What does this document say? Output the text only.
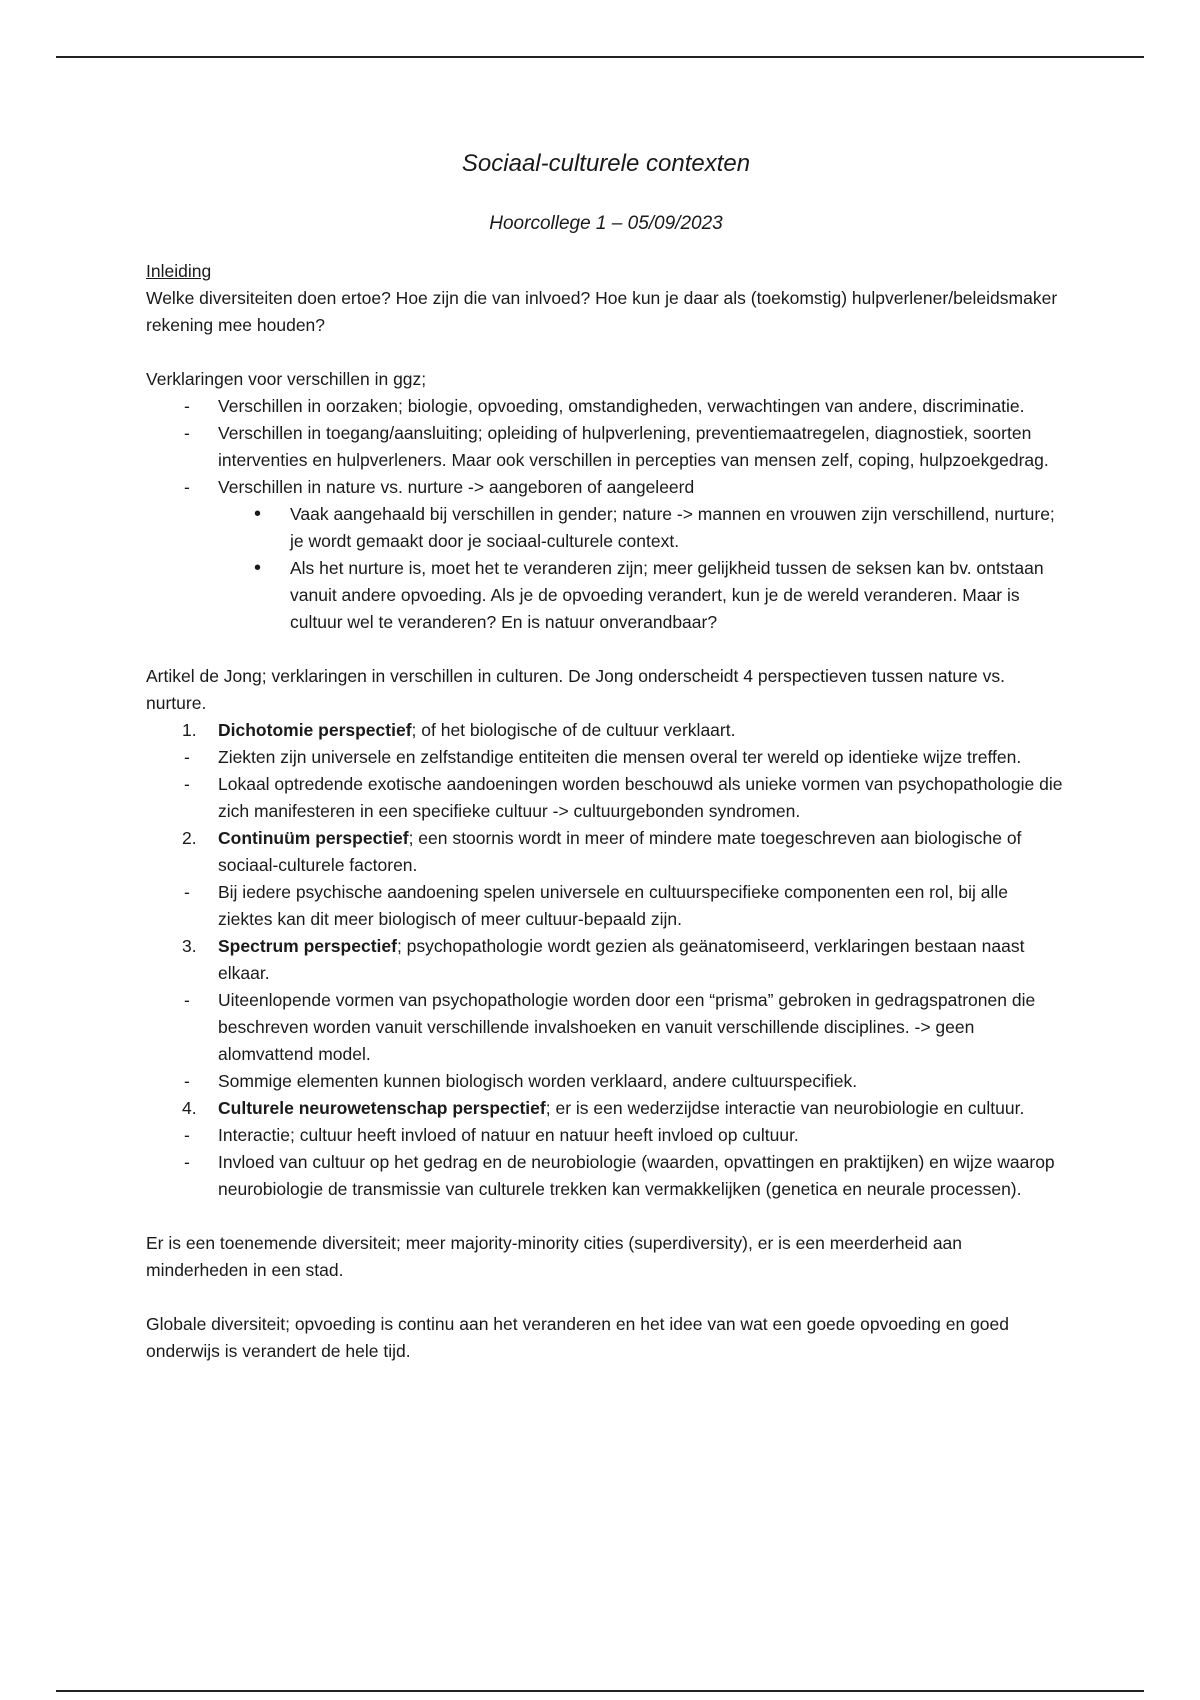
Sociaal-culturele contexten
Hoorcollege 1 – 05/09/2023

Inleiding

Welke diversiteiten doen ertoe? Hoe zijn die van inlvoed? Hoe kun je daar als (toekomstig) hulpverlener/beleidsmaker rekening mee houden?

Verklaringen voor verschillen in ggz;

- Verschillen in oorzaken; biologie, opvoeding, omstandigheden, verwachtingen van andere, discriminatie.
- Verschillen in toegang/aansluiting; opleiding of hulpverlening, preventiemaatregelen, diagnostiek, soorten interventies en hulpverleners. Maar ook verschillen in percepties van mensen zelf, coping, hulpzoekgedrag.
- Verschillen in nature vs. nurture -> aangeboren of aangeleerd
• Vaak aangehaald bij verschillen in gender; nature -> mannen en vrouwen zijn verschillend, nurture; je wordt gemaakt door je sociaal-culturele context.
• Als het nurture is, moet het te veranderen zijn; meer gelijkheid tussen de seksen kan bv. ontstaan vanuit andere opvoeding. Als je de opvoeding verandert, kun je de wereld veranderen. Maar is cultuur wel te veranderen? En is natuur onverandbaar?

Artikel de Jong; verklaringen in verschillen in culturen. De Jong onderscheidt 4 perspectieven tussen nature vs. nurture.

1. Dichotomie perspectief; of het biologische of de cultuur verklaart.
- Ziekten zijn universele en zelfstandige entiteiten die mensen overal ter wereld op identieke wijze treffen.
- Lokaal optredende exotische aandoeningen worden beschouwd als unieke vormen van psychopathologie die zich manifesteren in een specifieke cultuur -> cultuurgebonden syndromen.
2. Continuüm perspectief; een stoornis wordt in meer of mindere mate toegeschreven aan biologische of sociaal-culturele factoren.
- Bij iedere psychische aandoening spelen universele en cultuurspecifieke componenten een rol, bij alle ziektes kan dit meer biologisch of meer cultuur-bepaald zijn.
3. Spectrum perspectief; psychopathologie wordt gezien als geänatomiseerd, verklaringen bestaan naast elkaar.
- Uiteenlopende vormen van psychopathologie worden door een “prisma” gebroken in gedragspatronen die beschreven worden vanuit verschillende invalshoeken en vanuit verschillende disciplines. -> geen alomvattend model.
- Sommige elementen kunnen biologisch worden verklaard, andere cultuurspecifiek.
4. Culturele neurowetenschap perspectief; er is een wederzijdse interactie van neurobiologie en cultuur.
- Interactie; cultuur heeft invloed of natuur en natuur heeft invloed op cultuur.
- Invloed van cultuur op het gedrag en de neurobiologie (waarden, opvattingen en praktijken) en wijze waarop neurobiologie de transmissie van culturele trekken kan vermakkelijken (genetica en neurale processen).

Er is een toenemende diversiteit; meer majority-minority cities (superdiversity), er is een meerderheid aan minderheden in een stad.

Globale diversiteit; opvoeding is continu aan het veranderen en het idee van wat een goede opvoeding en goed onderwijs is verandert de hele tijd.
